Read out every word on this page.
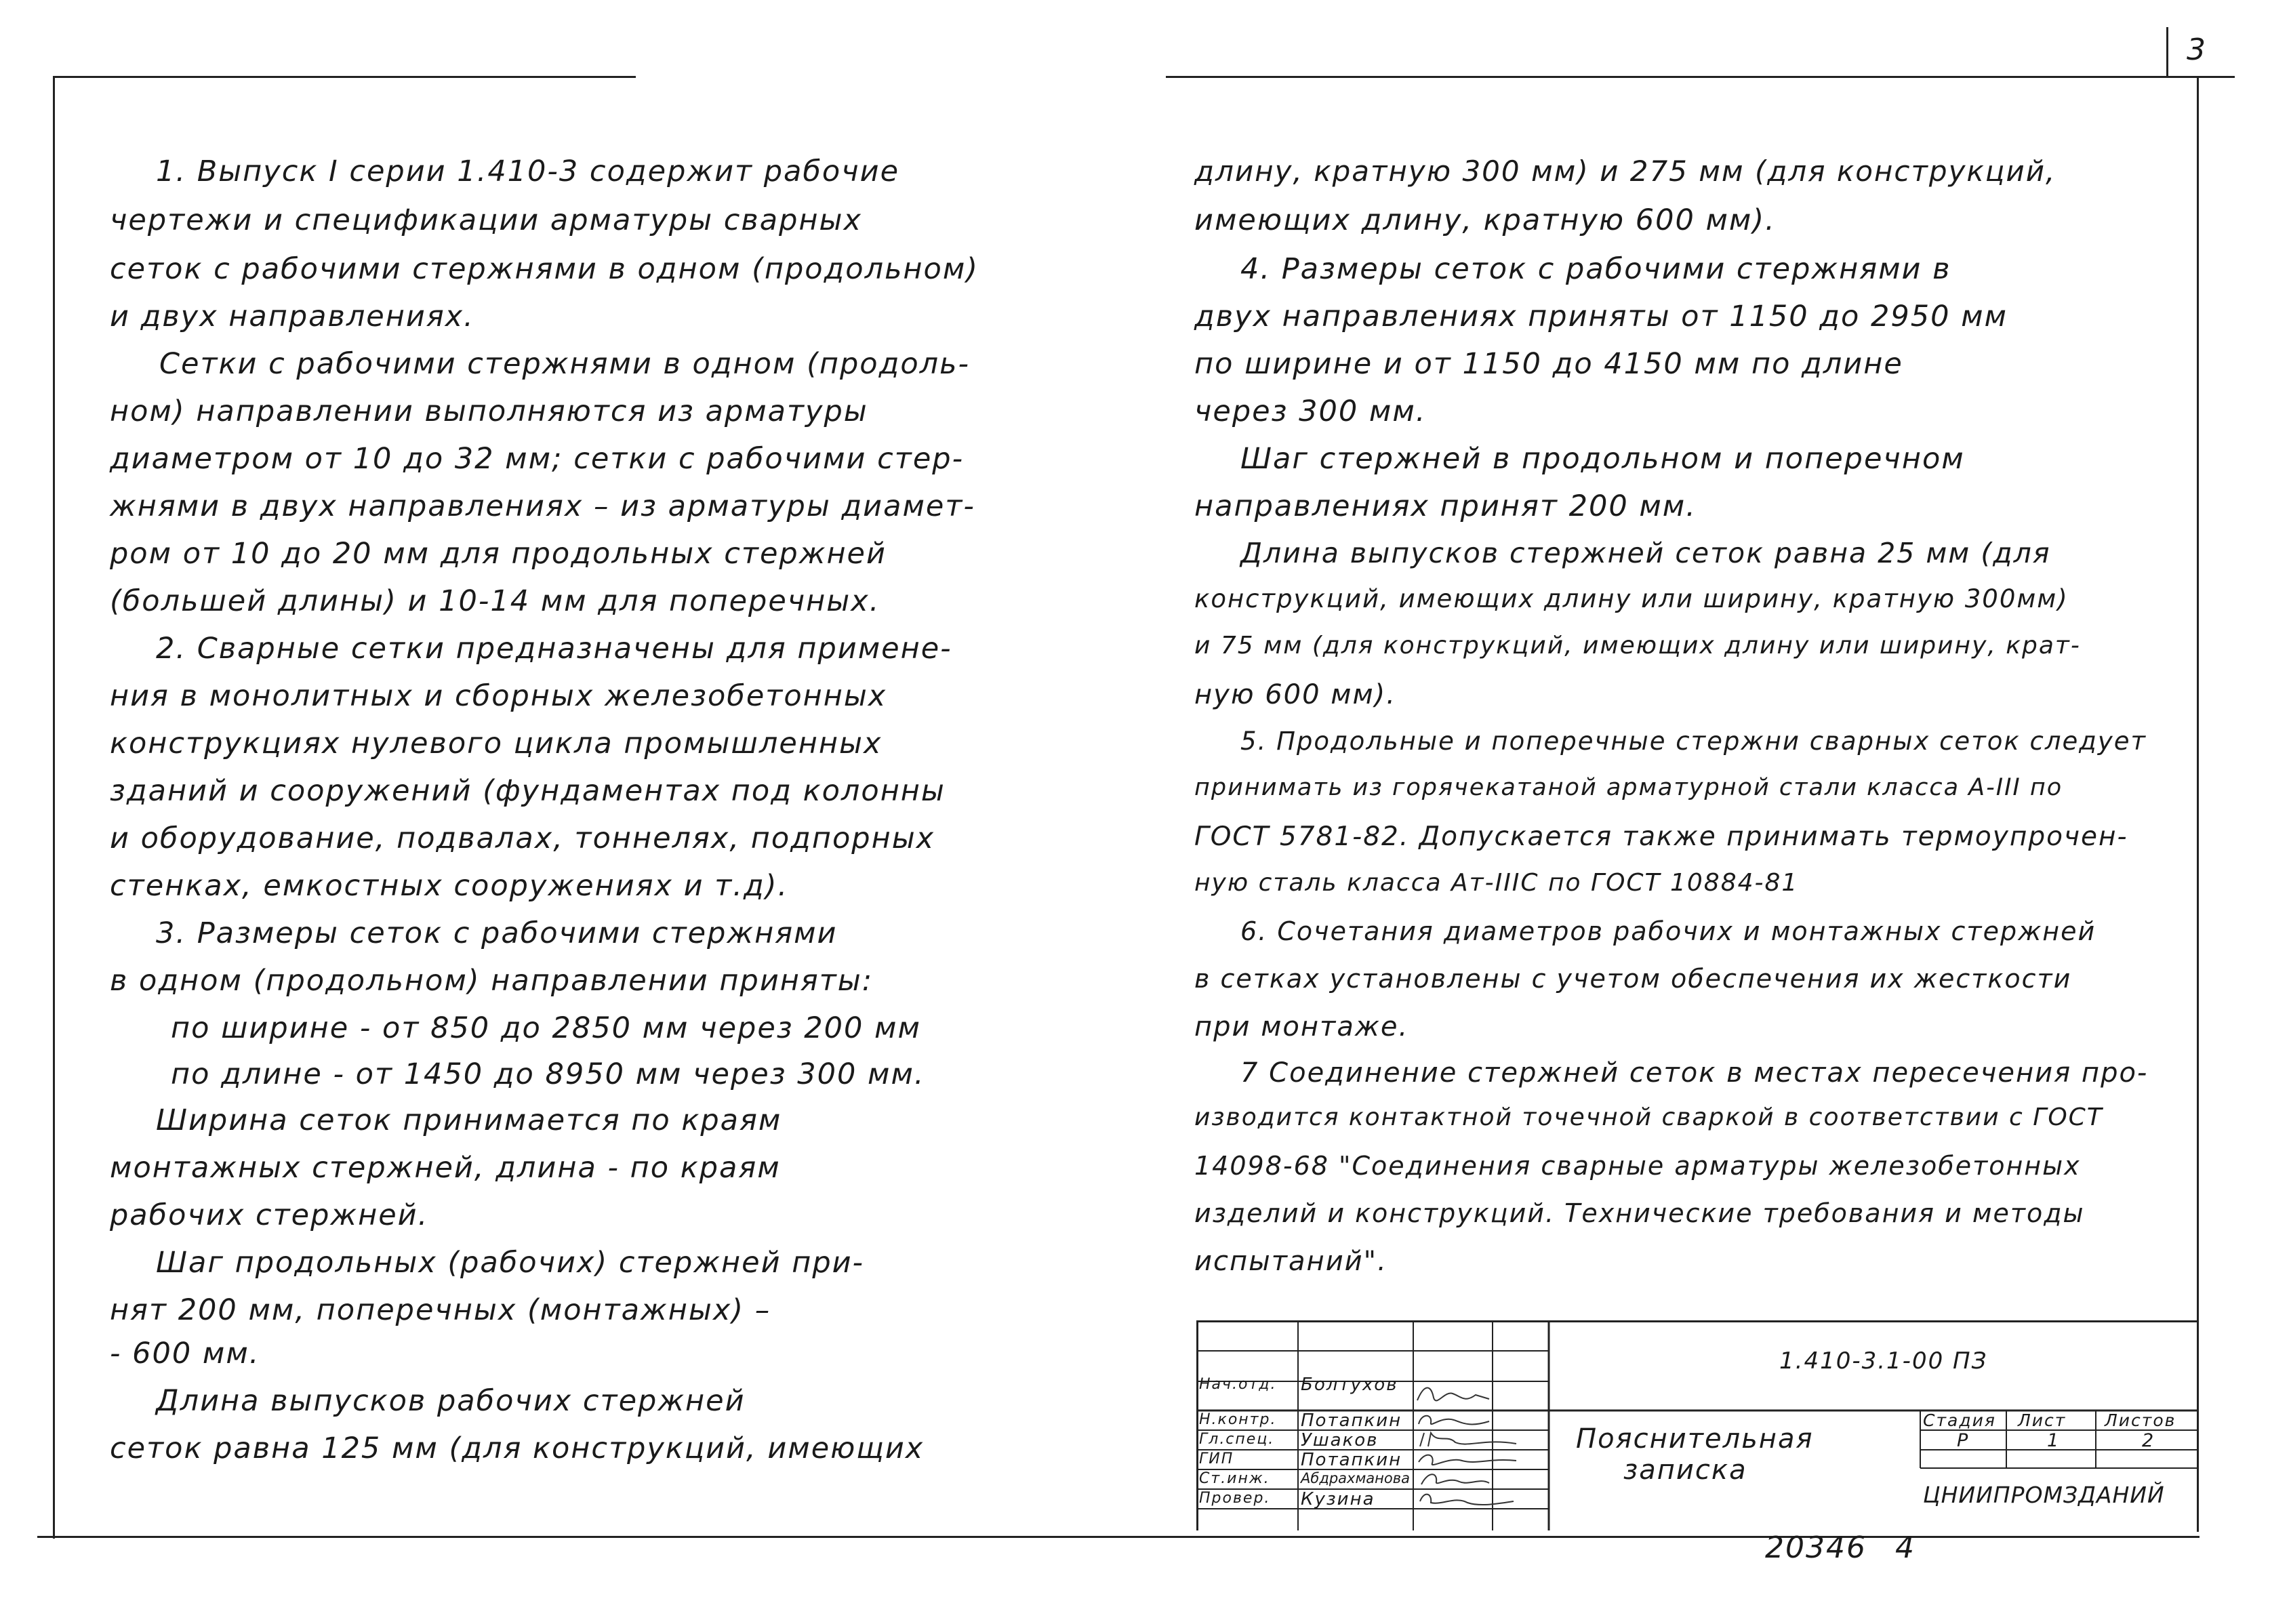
3
1. Выпуск I серии 1.410-3 содержит рабочие
чертежи и спецификации арматуры сварных
сеток с рабочими стержнями в одном (продольном)
и двух направлениях.
Сетки с рабочими стержнями в одном (продоль-
ном) направлении выполняются из арматуры
диаметром от 10 до 32 мм; сетки с рабочими стер-
жнями в двух направлениях – из арматуры диамет-
ром от 10 до 20 мм для продольных стержней
(большей длины) и 10-14 мм для поперечных.
2. Сварные сетки предназначены для примене-
ния в монолитных и сборных железобетонных
конструкциях нулевого цикла промышленных
зданий и сооружений (фундаментах под колонны
и оборудование, подвалах, тоннелях, подпорных
стенках, емкостных сооружениях и т.д).
3. Размеры сеток с рабочими стержнями
в одном (продольном) направлении приняты:
по ширине - от 850 до 2850 мм через 200 мм
по длине - от 1450 до 8950 мм через 300 мм.
Ширина сеток принимается по краям
монтажных стержней, длина - по краям
рабочих стержней.
Шаг продольных (рабочих) стержней при-
нят 200 мм, поперечных (монтажных) –
- 600 мм.
Длина выпусков рабочих стержней
сеток равна 125 мм (для конструкций, имеющих
длину, кратную 300 мм) и 275 мм (для конструкций,
имеющих длину, кратную 600 мм).
4. Размеры сеток с рабочими стержнями в
двух направлениях приняты от 1150 до 2950 мм
по ширине и от 1150 до 4150 мм по длине
через 300 мм.
Шаг стержней в продольном и поперечном
направлениях принят 200 мм.
Длина выпусков стержней сеток равна 25 мм (для
конструкций, имеющих длину или ширину, кратную 300мм)
и 75 мм (для конструкций, имеющих длину или ширину, крат-
ную 600 мм).
5. Продольные и поперечные стержни сварных сеток следует
принимать из горячекатаной арматурной стали класса А-III по
ГОСТ 5781-82. Допускается также принимать термоупрочен-
ную сталь класса Ат-IIIС по ГОСТ 10884-81
6. Сочетания диаметров рабочих и монтажных стержней
в сетках установлены с учетом обеспечения их жесткости
при монтаже.
7 Соединение стержней сеток в местах пересечения про-
изводится контактной точечной сваркой в соответствии с ГОСТ
14098-68 "Соединения сварные арматуры железобетонных
изделий и конструкций. Технические требования и методы
испытаний".
1.410-3.1-00 ПЗ
Стадия Лист Листов
Р	1	2
ЦНИИПРОМЗДАНИЙ
Пояснительная
записка
Нач.отд. Болтухов
Н.контр. Потапкин
Гл.спец. Ушаков
ГИП	Потапкин
Ст.инж. Абдрахманова
Провер. Кузина
20346 4
